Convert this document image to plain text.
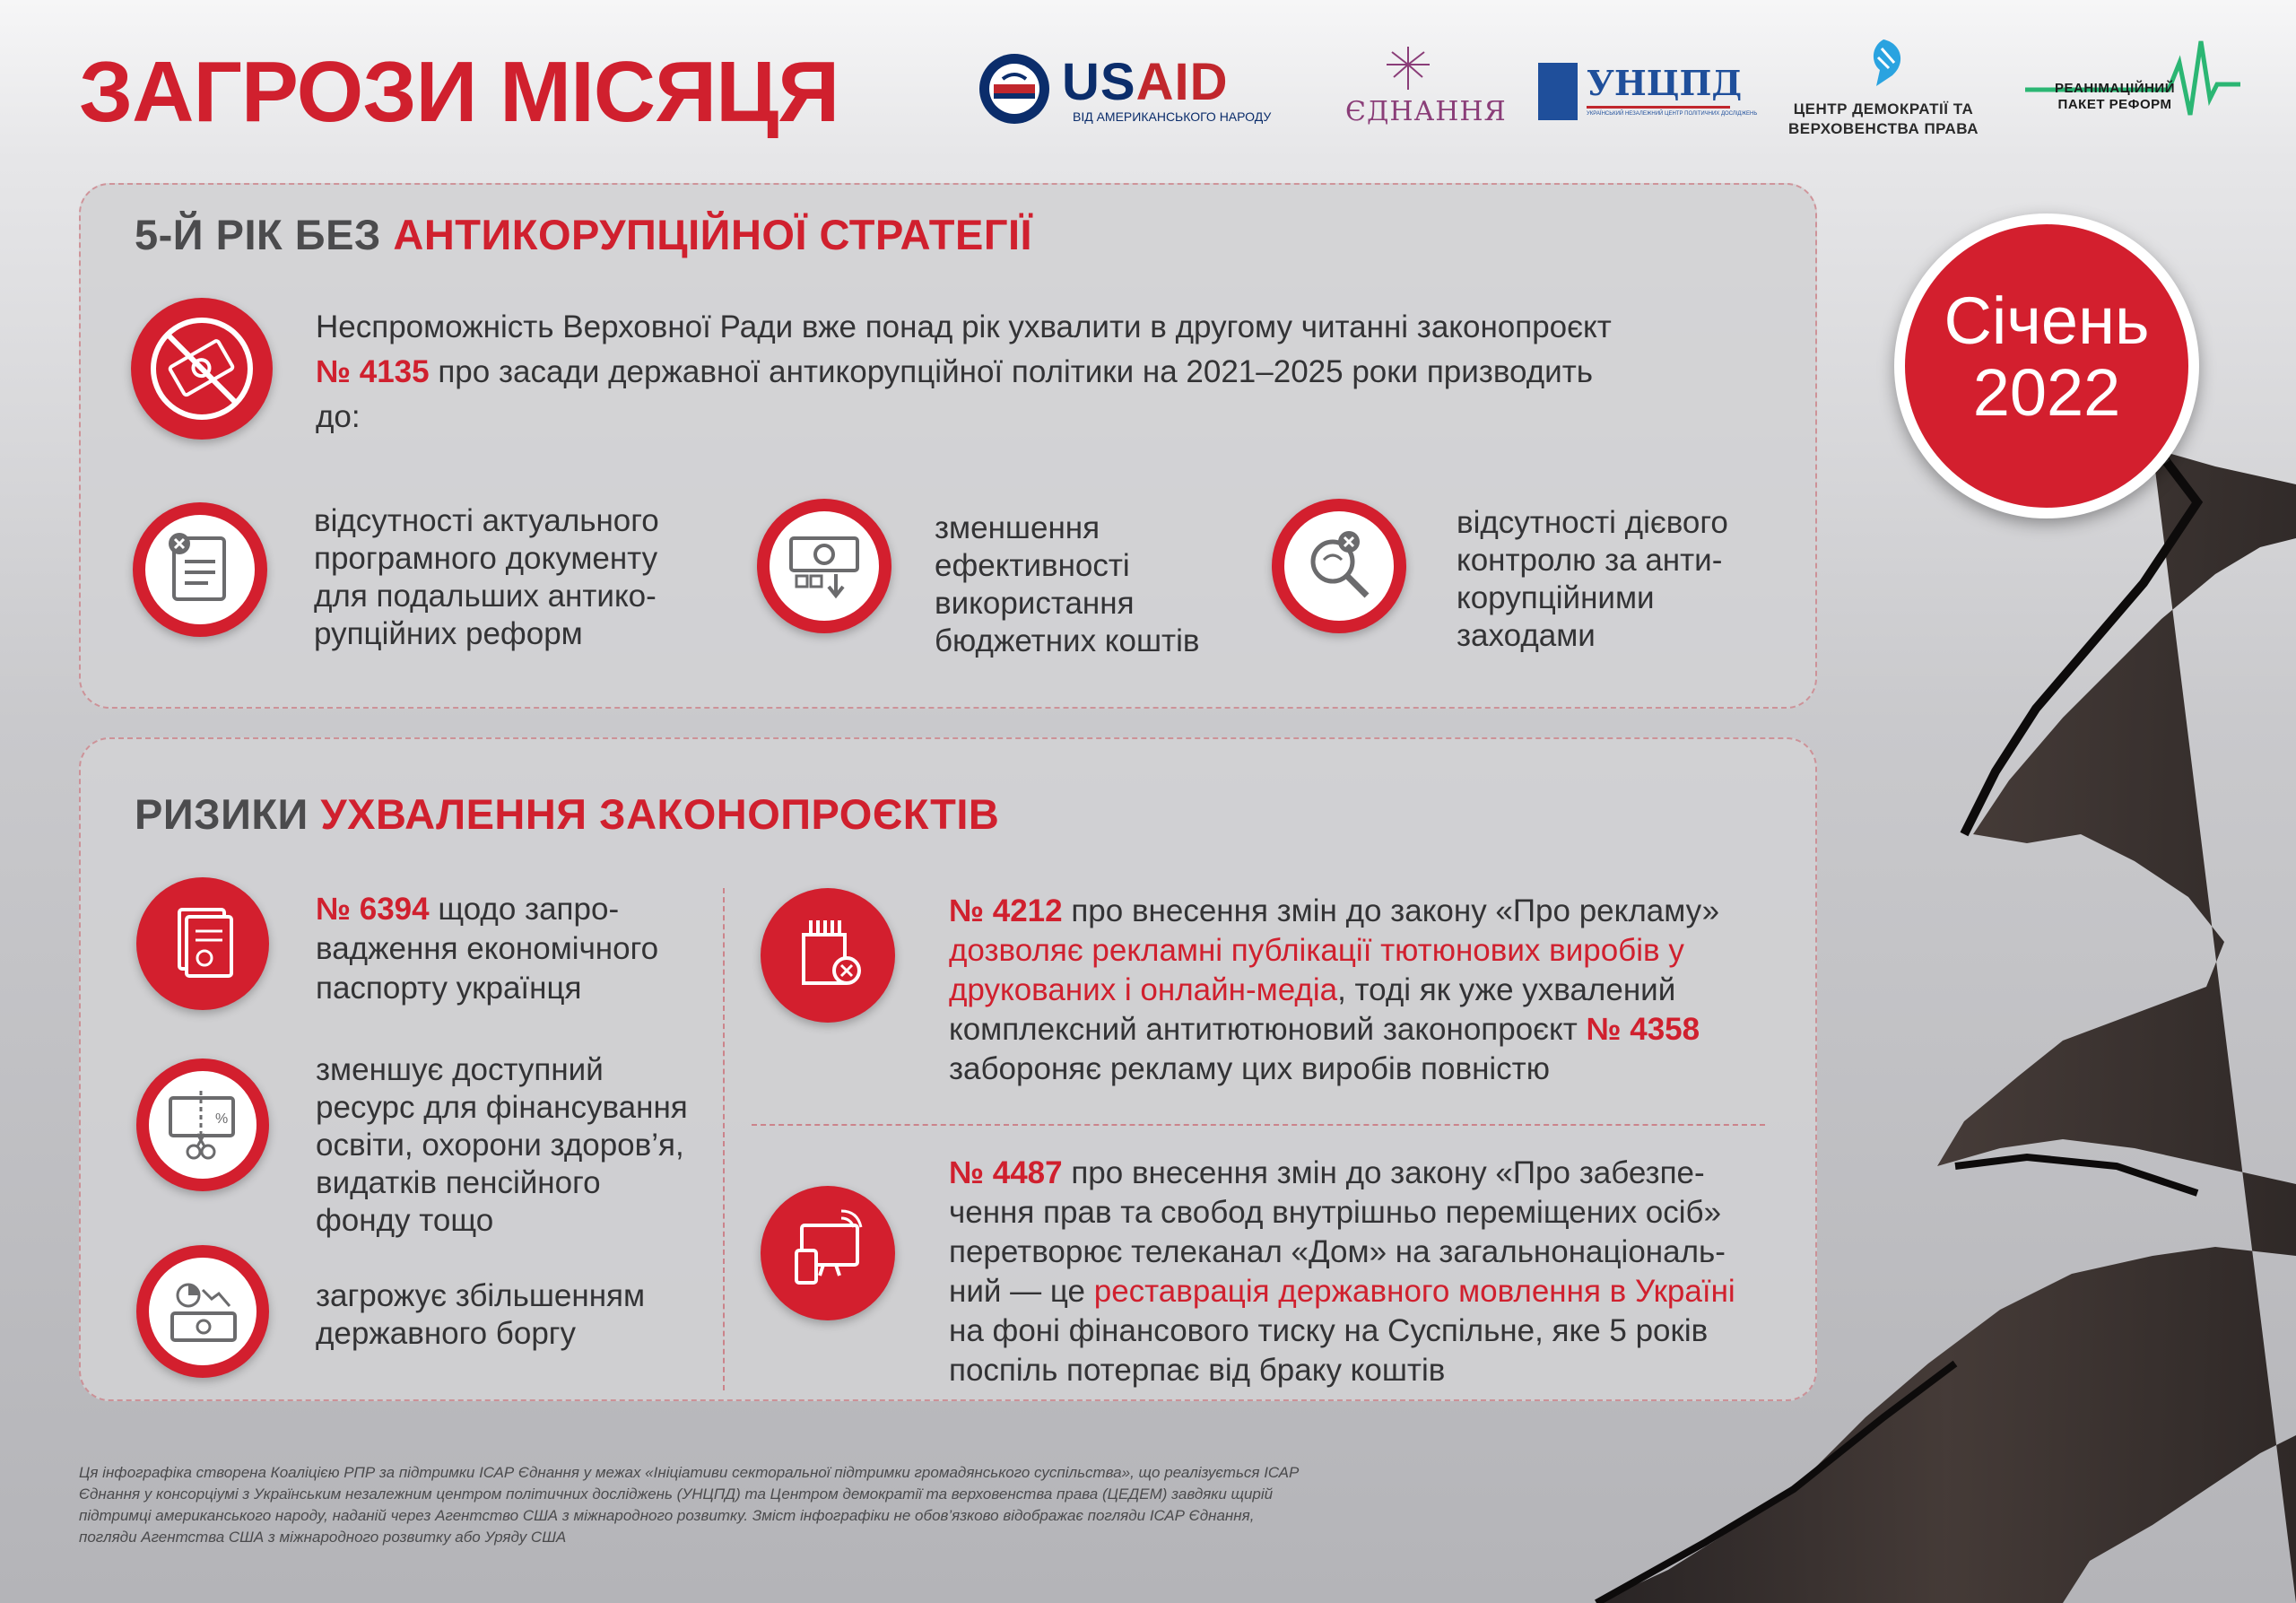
ЗАГРОЗИ МІСЯЦЯ	USAID
ВІД АМЕРИКАНСЬКОГО НАРОДУ	ЄДНАННЯ
УНЦПД
УКРАЇНСЬКИЙ НЕЗАЛЕЖНИЙ ЦЕНТР ПОЛІТИЧНИХ ДОСЛІДЖЕНЬ	ЦЕНТР ДЕМОКРАТІЇ ТА
ВЕРХОВЕНСТВА ПРАВА
РЕАНІМАЦІЙНИЙ
ПАКЕТ РЕФОРМ
5-Й РІК БЕЗ АНТИКОРУПЦІЙНОЇ СТРАТЕГІЇ
Неспроможність Верховної Ради вже понад рік ухвалити в другому читанні законопроєкт
№ 4135 про засади державної антикорупційної політики на 2021–2025 роки призводить
до:
відсутності актуального
програмного документу
для подальших антико-
рупційних реформ
зменшення
ефективності
використання
бюджетних коштів
відсутності дієвого
контролю за анти-
корупційними
заходами
РИЗИКИ УХВАЛЕННЯ ЗАКОНОПРОЄКТІВ
№ 6394 щодо запро-
вадження економічного
паспорту українця
%
зменшує доступний
ресурс для фінансування
освіти, охорони здоров’я,
видатків пенсійного
фонду тощо
загрожує збільшенням
державного боргу
№ 4212 про внесення змін до закону «Про рекламу»
дозволяє рекламні публікації тютюнових виробів у
друкованих і онлайн-медіа, тоді як уже ухвалений
комплексний антитютюновий законопроєкт № 4358
забороняє рекламу цих виробів повністю
№ 4487 про внесення змін до закону «Про забезпе-
чення прав та свобод внутрішньо переміщених осіб»
перетворює телеканал «Дом» на загальнонаціональ-
ний — це реставрація державного мовлення в Україні
на фоні фінансового тиску на Суспільне, яке 5 років
поспіль потерпає від браку коштів
Січень
2022
Ця інфографіка створена Коаліцією РПР за підтримки ІСАР Єднання у межах «Ініціативи секторальної підтримки громадянського суспільства», що реалізується ІСАР
Єднання у консорціумі з Українським незалежним центром політичних досліджень (УНЦПД) та Центром демократії та верховенства права (ЦЕДЕМ) завдяки щирій
підтримці американського народу, наданій через Агентство США з міжнародного розвитку. Зміст інфографіки не обов’язково відображає погляди ІСАР Єднання,
погляди Агентства США з міжнародного розвитку або Уряду США
